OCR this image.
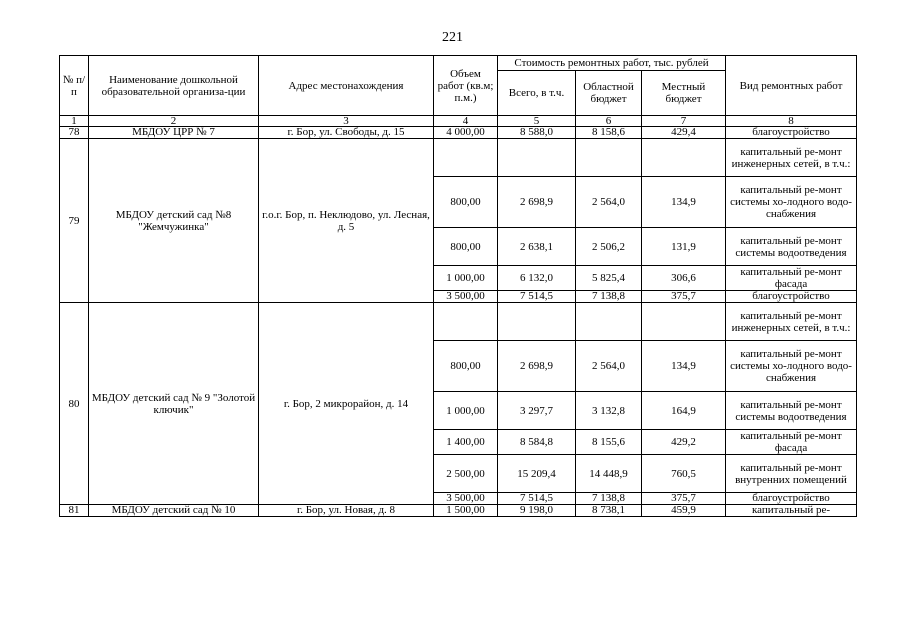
221
№ п/п	Наименование дошкольной образовательной организа-ции	Адрес местонахождения	Объем работ (кв.м; п.м.)	Стоимость ремонтных работ, тыс. рублей			Вид ремонтных работ
				Всего, в т.ч.	Областной бюджет	Местный бюджет	
1	2	3	4	5	6	7	8
78	МБДОУ ЦРР № 7	г. Бор, ул. Свободы, д. 15	4 000,00	8 588,0	8 158,6	429,4	благоустройство
79	МБДОУ детский сад №8 "Жемчужинка"	г.о.г. Бор, п. Неклюдово, ул. Лесная, д. 5					капитальный ре-монт инженерных сетей, в т.ч.:
			800,00	2 698,9	2 564,0	134,9	капитальный ре-монт системы хо-лодного водо-снабжения
			800,00	2 638,1	2 506,2	131,9	капитальный ре-монт системы водоотведения
			1 000,00	6 132,0	5 825,4	306,6	капитальный ре-монт фасада
			3 500,00	7 514,5	7 138,8	375,7	благоустройство
80	МБДОУ детский сад № 9 "Золотой ключик"	г. Бор, 2 микрорайон, д. 14					капитальный ре-монт инженерных сетей, в т.ч.:
			800,00	2 698,9	2 564,0	134,9	капитальный ре-монт системы хо-лодного водо-снабжения
			1 000,00	3 297,7	3 132,8	164,9	капитальный ре-монт системы водоотведения
			1 400,00	8 584,8	8 155,6	429,2	капитальный ре-монт фасада
			2 500,00	15 209,4	14 448,9	760,5	капитальный ре-монт внутренних помещений
			3 500,00	7 514,5	7 138,8	375,7	благоустройство
81	МБДОУ детский сад № 10	г. Бор, ул. Новая, д. 8	1 500,00	9 198,0	8 738,1	459,9	капитальный ре-
